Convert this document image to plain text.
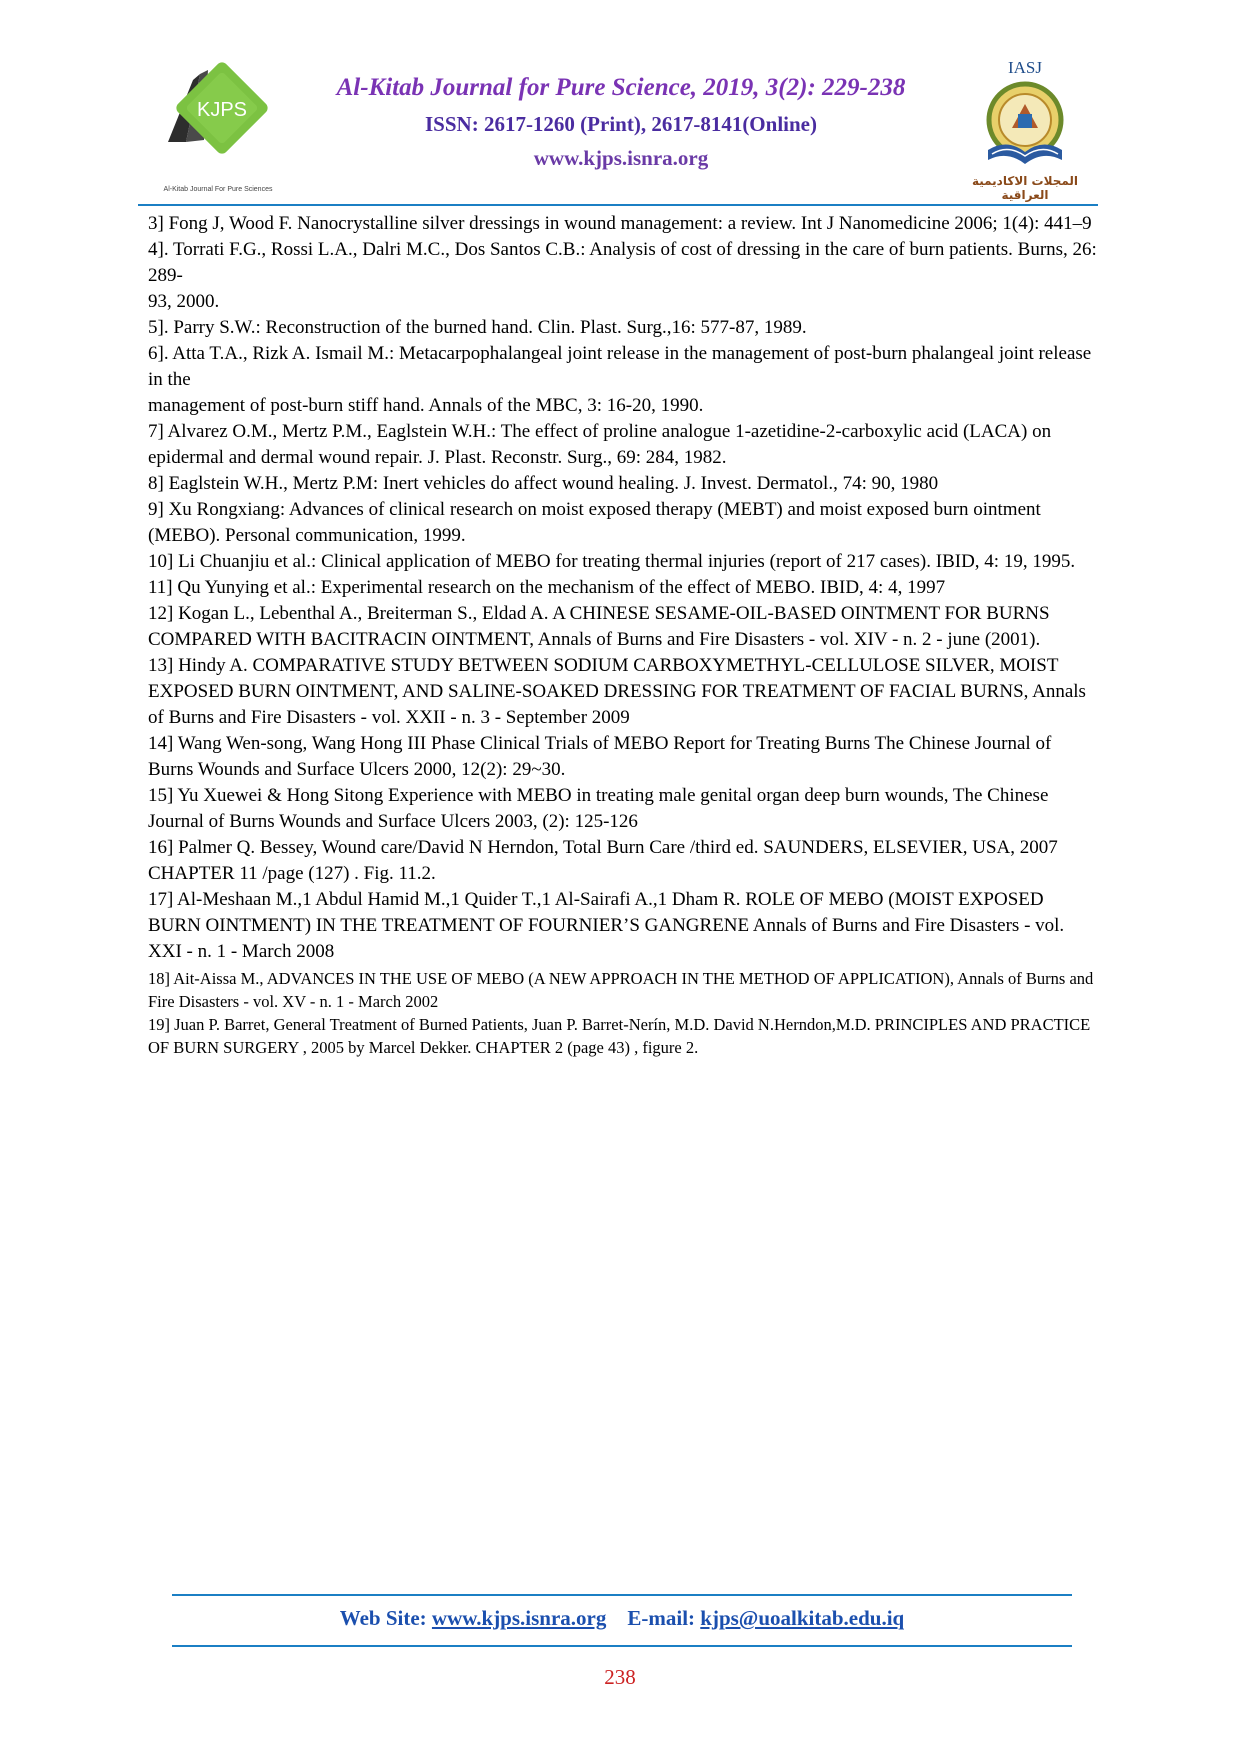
KJPS
Al-Kitab Journal For Pure Sciences
Al-Kitab Journal for Pure Science, 2019, 3(2): 229-238
ISSN: 2617-1260 (Print), 2617-8141(Online)
www.kjps.isnra.org
IASJ
المجلات الاكاديمية العراقية

3] Fong J, Wood F. Nanocrystalline silver dressings in wound management: a review. Int J Nanomedicine 2006; 1(4): 441–9

4]. Torrati F.G., Rossi L.A., Dalri M.C., Dos Santos C.B.: Analysis of cost of dressing in the care of burn patients. Burns, 26: 289-

93, 2000.

5]. Parry S.W.: Reconstruction of the burned hand. Clin. Plast. Surg.,16: 577-87, 1989.

6]. Atta T.A., Rizk A. Ismail M.: Metacarpophalangeal joint release in the management of post-burn phalangeal joint release in the

management of post-burn stiff hand. Annals of the MBC, 3: 16-20, 1990.

7] Alvarez O.M., Mertz P.M., Eaglstein W.H.: The effect of proline analogue 1-azetidine-2-carboxylic acid (LACA) on epidermal and dermal wound repair. J. Plast. Reconstr. Surg., 69: 284, 1982.

8] Eaglstein W.H., Mertz P.M: Inert vehicles do affect wound healing. J. Invest. Dermatol., 74: 90, 1980

9] Xu Rongxiang: Advances of clinical research on moist exposed therapy (MEBT) and moist exposed burn ointment (MEBO). Personal communication, 1999.

10] Li Chuanjiu et al.: Clinical application of MEBO for treating thermal injuries (report of 217 cases). IBID, 4: 19, 1995.

11] Qu Yunying et al.: Experimental research on the mechanism of the effect of MEBO. IBID, 4: 4, 1997

12] Kogan L., Lebenthal A., Breiterman S., Eldad A. A CHINESE SESAME-OIL-BASED OINTMENT FOR BURNS COMPARED WITH BACITRACIN OINTMENT, Annals of Burns and Fire Disasters - vol. XIV - n. 2 - june (2001).

13] Hindy A. COMPARATIVE STUDY BETWEEN SODIUM CARBOXYMETHYL-CELLULOSE SILVER, MOIST EXPOSED BURN OINTMENT, AND SALINE-SOAKED DRESSING FOR TREATMENT OF FACIAL BURNS, Annals of Burns and Fire Disasters - vol. XXII - n. 3 - September 2009

14] Wang Wen-song, Wang Hong III Phase Clinical Trials of MEBO Report for Treating Burns The Chinese Journal of Burns Wounds and Surface Ulcers 2000, 12(2): 29~30.

15] Yu Xuewei & Hong Sitong Experience with MEBO in treating male genital organ deep burn wounds, The Chinese Journal of Burns Wounds and Surface Ulcers 2003, (2): 125-126

16] Palmer Q. Bessey, Wound care/David N Herndon, Total Burn Care /third ed. SAUNDERS, ELSEVIER, USA, 2007 CHAPTER 11 /page (127) . Fig. 11.2.

17] Al-Meshaan M.,1 Abdul Hamid M.,1 Quider T.,1 Al-Sairafi A.,1 Dham R. ROLE OF MEBO (MOIST EXPOSED BURN OINTMENT) IN THE TREATMENT OF FOURNIER’S GANGRENE Annals of Burns and Fire Disasters - vol. XXI - n. 1 - March 2008

18] Ait-Aissa M., ADVANCES IN THE USE OF MEBO (A NEW APPROACH IN THE METHOD OF APPLICATION), Annals of Burns and Fire Disasters - vol. XV - n. 1 - March 2002

19] Juan P. Barret, General Treatment of Burned Patients, Juan P. Barret-Nerín, M.D. David N.Herndon,M.D. PRINCIPLES AND PRACTICE OF BURN SURGERY , 2005 by Marcel Dekker. CHAPTER 2 (page 43) , figure 2.

Web Site: www.kjps.isnra.org E-mail: kjps@uoalkitab.edu.iq
238
